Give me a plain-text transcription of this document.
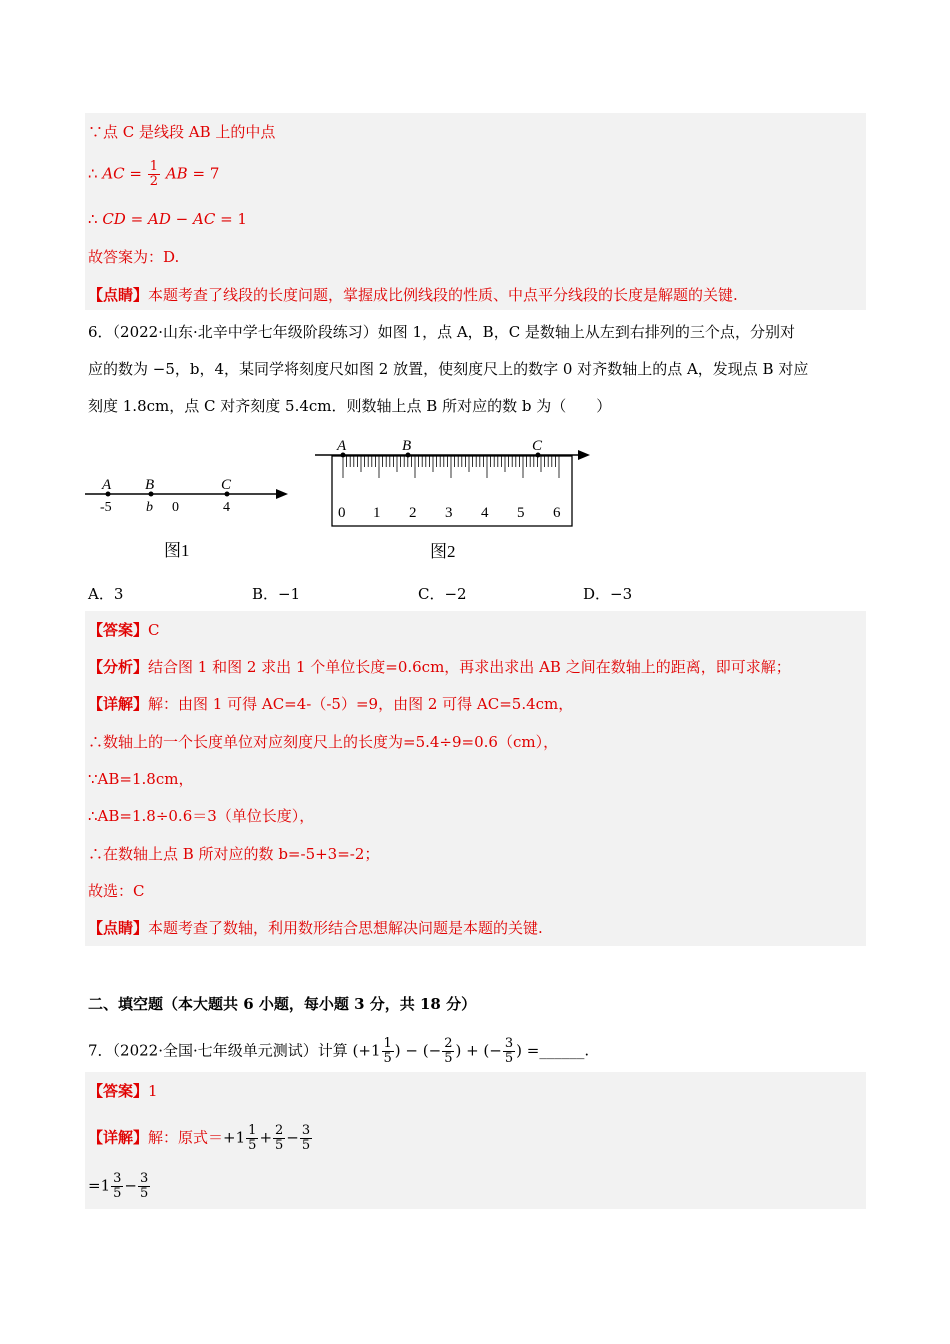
∵点 C 是线段 AB 上的中点
∴ AC = $\frac{1}{2}$ AB = 7
∴ CD = AD − AC = 1
故答案为：D.
【点睛】本题考查了线段的长度问题，掌握成比例线段的性质、中点平分线段的长度是解题的关键.
6．（2022·山东·北辛中学七年级阶段练习）如图 1，点 A，B，C 是数轴上从左到右排列的三个点，分别对
应的数为 −5，b，4，某同学将刻度尺如图 2 放置，使刻度尺上的数字 0 对齐数轴上的点 A，发现点 B 对应
刻度 1.8cm，点 C 对齐刻度 5.4cm．则数轴上点 B 所对应的数 b 为（　　）
A B	C
-5 b 0	4
图1
A	B	C
0 1 2 3 4 5 6
图2
A．3	B．−1	C．−2	D．−3
【答案】C
【分析】结合图 1 和图 2 求出 1 个单位长度=0.6cm，再求出求出 AB 之间在数轴上的距离，即可求解；
【详解】解：由图 1 可得 AC=4-（-5）=9，由图 2 可得 AC=5.4cm，
∴数轴上的一个长度单位对应刻度尺上的长度为=5.4÷9=0.6（cm），
∵AB=1.8cm，
∴AB=1.8÷0.6＝3（单位长度），
∴在数轴上点 B 所对应的数 b=-5+3=-2；
故选：C
【点睛】本题考查了数轴，利用数形结合思想解决问题是本题的关键.
二、填空题（本大题共 6 小题，每小题 3 分，共 18 分）
7．（2022·全国·七年级单元测试）计算 ($+1 \frac{1}{5}$ ) − (− $\frac{2}{5}$ ) + (− $\frac{3}{5}$ ) =______.
【答案】1
【详解】解：原式$=+1 \frac{1}{5} + \frac{2}{5} - \frac{3}{5}$
$=1 \frac{3}{5} - \frac{3}{5}$
